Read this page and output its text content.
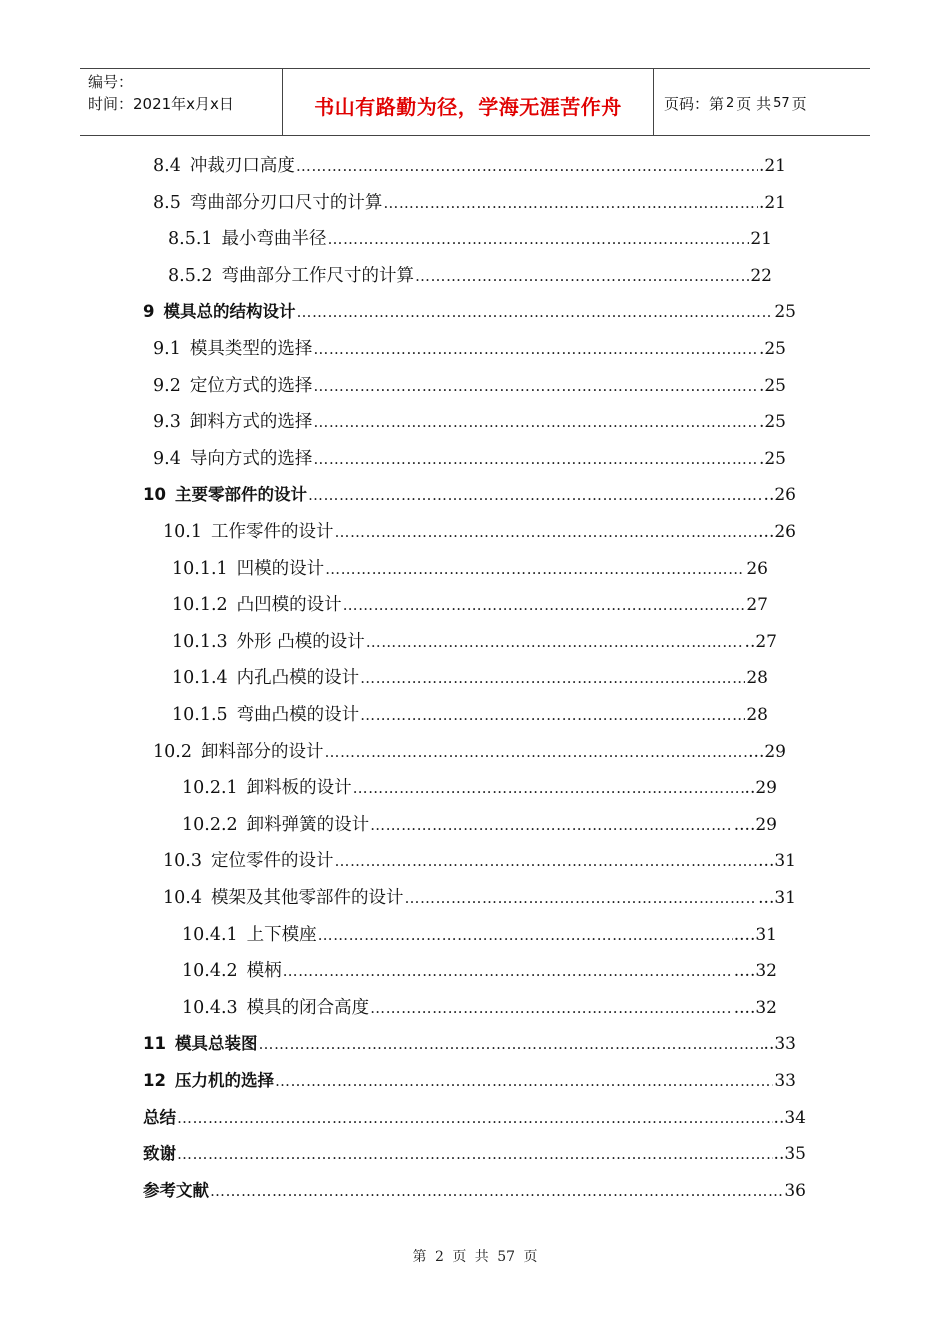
编号：
时间：2021年x月x日	书山有路勤为径，学海无涯苦作舟	页码：第 2 页 共 57 页
8.4 冲裁刃口高度 ……………………………………………………………………………………………………………………………………………………………………………………………………………	.21
8.5 弯曲部分刃口尺寸的计算 ……………………………………………………………………………………………………………………………………………………………………………………………………………	.21
8.5.1 最小弯曲半径 ……………………………………………………………………………………………………………………………………………………………………………………………………………	21
8.5.2 弯曲部分工作尺寸的计算 ……………………………………………………………………………………………………………………………………………………………………………………………………………	22
9 模具总的结构设计 ……………………………………………………………………………………………………………………………………………………………………………………………………………	25
9.1 模具类型的选择 ……………………………………………………………………………………………………………………………………………………………………………………………………………	.25
9.2 定位方式的选择 ……………………………………………………………………………………………………………………………………………………………………………………………………………	.25
9.3 卸料方式的选择 ……………………………………………………………………………………………………………………………………………………………………………………………………………	.25
9.4 导向方式的选择 ……………………………………………………………………………………………………………………………………………………………………………………………………………	.25
10 主要零部件的设计 ……………………………………………………………………………………………………………………………………………………………………………………………………………	..26
10.1 工作零件的设计 ……………………………………………………………………………………………………………………………………………………………………………………………………………	...26
10.1.1 凹模的设计 ……………………………………………………………………………………………………………………………………………………………………………………………………………	26
10.1.2 凸凹模的设计 ……………………………………………………………………………………………………………………………………………………………………………………………………………	27
10.1.3 外形 凸模的设计 ……………………………………………………………………………………………………………………………………………………………………………………………………………	..27
10.1.4 内孔凸模的设计 ……………………………………………………………………………………………………………………………………………………………………………………………………………	28
10.1.5 弯曲凸模的设计 ……………………………………………………………………………………………………………………………………………………………………………………………………………	28
10.2 卸料部分的设计 ……………………………………………………………………………………………………………………………………………………………………………………………………………	...29
10.2.1 卸料板的设计 ……………………………………………………………………………………………………………………………………………………………………………………………………………	..29
10.2.2 卸料弹簧的设计 ……………………………………………………………………………………………………………………………………………………………………………………………………………	....29
10.3 定位零件的设计 ……………………………………………………………………………………………………………………………………………………………………………………………………………	...31
10.4 模架及其他零部件的设计 ……………………………………………………………………………………………………………………………………………………………………………………………………………	...31
10.4.1 上下模座 ……………………………………………………………………………………………………………………………………………………………………………………………………………	....31
10.4.2 模柄 ……………………………………………………………………………………………………………………………………………………………………………………………………………	....32
10.4.3 模具的闭合高度 ……………………………………………………………………………………………………………………………………………………………………………………………………………	....32
11 模具总装图 ……………………………………………………………………………………………………………………………………………………………………………………………………………	..33
12 压力机的选择 ……………………………………………………………………………………………………………………………………………………………………………………………………………	33
总结 ……………………………………………………………………………………………………………………………………………………………………………………………………………	..34
致谢 ……………………………………………………………………………………………………………………………………………………………………………………………………………	..35
参考文献 ……………………………………………………………………………………………………………………………………………………………………………………………………………	36
第 2 页 共 57 页
